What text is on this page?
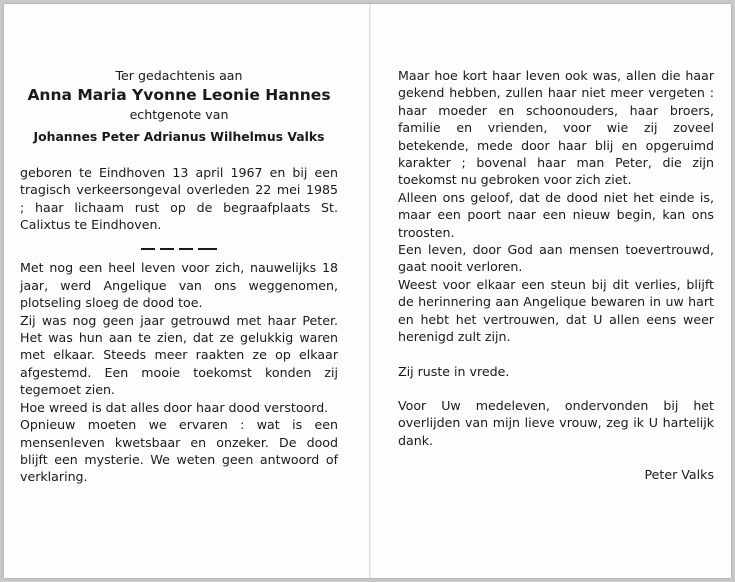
Ter gedachtenis aan
Anna Maria Yvonne Leonie Hannes
echtgenote van
Johannes Peter Adrianus Wilhelmus Valks
geboren te Eindhoven 13 april 1967 en bij een tragisch verkeersongeval overleden 22 mei 1985 ; haar lichaam rust op de begraafplaats St. Calixtus te Eindhoven.
Met nog een heel leven voor zich, nauwelijks 18 jaar, werd Angelique van ons weggenomen, plotseling sloeg de dood toe.
Zij was nog geen jaar getrouwd met haar Peter. Het was hun aan te zien, dat ze gelukkig waren met elkaar. Steeds meer raakten ze op elkaar afgestemd. Een mooie toekomst konden zij tegemoet zien.
Hoe wreed is dat alles door haar dood verstoord.
Opnieuw moeten we ervaren : wat is een mensenleven kwetsbaar en onzeker. De dood blijft een mysterie. We weten geen antwoord of verklaring.
Maar hoe kort haar leven ook was, allen die haar gekend hebben, zullen haar niet meer vergeten : haar moeder en schoonouders, haar broers, familie en vrienden, voor wie zij zoveel betekende, mede door haar blij en opgeruimd karakter ; bovenal haar man Peter, die zijn toekomst nu gebroken voor zich ziet.
Alleen ons geloof, dat de dood niet het einde is, maar een poort naar een nieuw begin, kan ons troosten.
Een leven, door God aan mensen toevertrouwd, gaat nooit verloren.
Weest voor elkaar een steun bij dit verlies, blijft de herinnering aan Angelique bewaren in uw hart en hebt het vertrouwen, dat U allen eens weer herenigd zult zijn.
Zij ruste in vrede.
Voor Uw medeleven, ondervonden bij het overlijden van mijn lieve vrouw, zeg ik U hartelijk dank.
Peter Valks
